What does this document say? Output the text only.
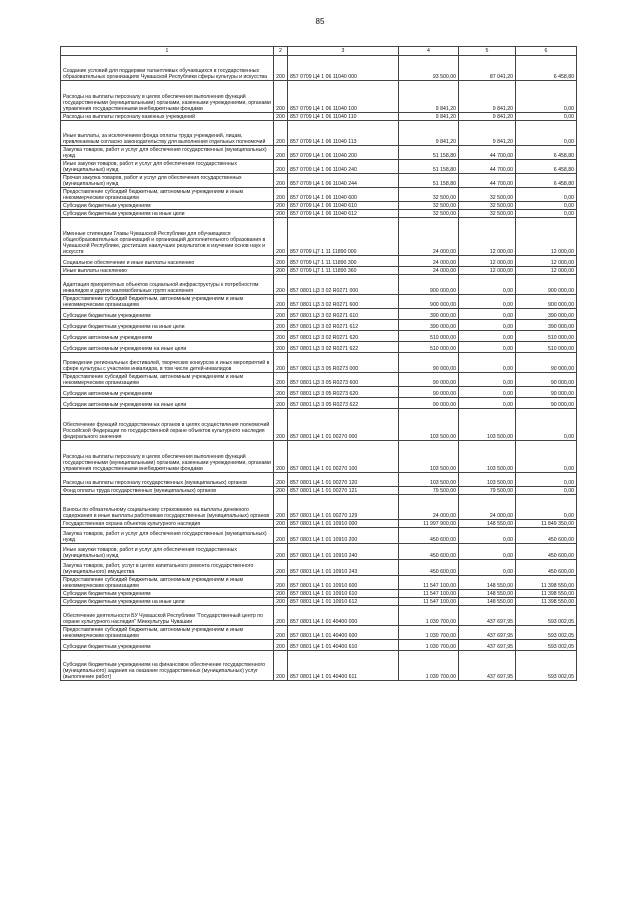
85
1	2	3	4	5	6
Создание условий для поддержки талантливых обучающихся в государственных образовательных организациях Чувашской Республики сферы культуры и искусства	200	857 0709 Ц4 1 06 11040 000	93 500,00	87 041,20	6 458,80
Расходы на выплаты персоналу в целях обеспечения выполнения функций государственными (муниципальными) органами, казенными учреждениями, органами управления государственными внебюджетными фондами	200	857 0709 Ц4 1 06 11040 100	9 841,20	9 841,20	0,00
Расходы на выплаты персоналу казенных учреждений	200	857 0709 Ц4 1 06 11040 110	9 841,20	9 841,20	0,00
Иные выплаты, за исключением фонда оплаты труда учреждений, лицам, привлекаемым согласно законодательству для выполнения отдельных полномочий	200	857 0709 Ц4 1 06 11040 113	9 841,20	9 841,20	0,00
Закупка товаров, работ и услуг для обеспечения государственных (муниципальных) нужд	200	857 0709 Ц4 1 06 11040 200	51 158,80	44 700,00	6 458,80
Иные закупки товаров, работ и услуг для обеспечения государственных (муниципальных) нужд	200	857 0709 Ц4 1 06 11040 240	51 158,80	44 700,00	6 458,80
Прочая закупка товаров, работ и услуг для обеспечения государственных (муниципальных) нужд	200	857 0709 Ц4 1 06 11040 244	51 158,80	44 700,00	6 458,80
Предоставление субсидий бюджетным, автономным учреждениям и иным некоммерческим организациям	200	857 0709 Ц4 1 06 11040 600	32 500,00	32 500,00	0,00
Субсидии бюджетным учреждениям	200	857 0709 Ц4 1 06 11040 610	32 500,00	32 500,00	0,00
Субсидии бюджетным учреждениям на иные цели	200	857 0709 Ц4 1 06 11040 612	32 500,00	32 500,00	0,00
Именные стипендии Главы Чувашской Республики для обучающихся общеобразовательных организаций и организаций дополнительного образования в Чувашской Республике, достигших наилучших результатов в изучении основ наук и искусств	200	857 0709 Ц7 1 11 11890 000	24 000,00	12 000,00	12 000,00
Социальное обеспечение и иные выплаты населению	200	857 0709 Ц7 1 11 11890 300	24 000,00	12 000,00	12 000,00
Иные выплаты населению	200	857 0709 Ц7 1 11 11890 360	24 000,00	12 000,00	12 000,00
Адаптация приоритетных объектов социальной инфраструктуры к потребностям инвалидов и других маломобильных групп населения	200	857 0801 Ц3 3 02 R0271 000	900 000,00	0,00	900 000,00
Предоставление субсидий бюджетным, автономным учреждениям и иным некоммерческим организациям	200	857 0801 Ц3 3 02 R0271 600	900 000,00	0,00	900 000,00
Субсидии бюджетным учреждениям	200	857 0801 Ц3 3 02 R0271 610	390 000,00	0,00	390 000,00
Субсидии бюджетным учреждениям на иные цели	200	857 0801 Ц3 3 02 R0271 612	390 000,00	0,00	390 000,00
Субсидии автономным учреждениям	200	857 0801 Ц3 3 02 R0271 620	510 000,00	0,00	510 000,00
Субсидии автономным учреждениям на иные цели	200	857 0801 Ц3 3 02 R0271 622	510 000,00	0,00	510 000,00
Проведение региональных фестивалей, творческих конкурсов и иных мероприятий в сфере культуры с участием инвалидов, в том числе детей-инвалидов	200	857 0801 Ц3 3 05 R0273 000	90 000,00	0,00	90 000,00
Предоставление субсидий бюджетным, автономным учреждениям и иным некоммерческим организациям	200	857 0801 Ц3 3 05 R0273 600	90 000,00	0,00	90 000,00
Субсидии автономным учреждениям	200	857 0801 Ц3 3 05 R0273 620	90 000,00	0,00	90 000,00
Субсидии автономным учреждениям на иные цели	200	857 0801 Ц3 3 05 R0273 622	90 000,00	0,00	90 000,00
Обеспечение функций государственных органов в целях осуществления полномочий Российской Федерации по государственной охране объектов культурного наследия федерального значения	200	857 0801 Ц4 1 01 00270 000	103 500,00	103 500,00	0,00
Расходы на выплаты персоналу в целях обеспечения выполнения функций государственными (муниципальными) органами, казенными учреждениями, органами управления государственными внебюджетными фондами	200	857 0801 Ц4 1 01 00270 100	103 500,00	103 500,00	0,00
Расходы на выплаты персоналу государственных (муниципальных) органов	200	857 0801 Ц4 1 01 00270 120	103 500,00	103 500,00	0,00
Фонд оплаты труда государственных (муниципальных) органов	200	857 0801 Ц4 1 01 00270 121	79 500,00	79 500,00	0,00
Взносы по обязательному социальному страхованию на выплаты денежного содержания и иные выплаты работникам государственных (муниципальных) органов	200	857 0801 Ц4 1 01 00270 129	24 000,00	24 000,00	0,00
Государственная охрана объектов культурного наследия	200	857 0801 Ц4 1 01 10910 000	11 997 900,00	148 550,00	11 849 350,00
Закупка товаров, работ и услуг для обеспечения государственных (муниципальных) нужд	200	857 0801 Ц4 1 01 10910 200	450 600,00	0,00	450 600,00
Иные закупки товаров, работ и услуг для обеспечения государственных (муниципальных) нужд	200	857 0801 Ц4 1 01 10910 240	450 600,00	0,00	450 600,00
Закупка товаров, работ, услуг в целях капитального ремонта государственного (муниципального) имущества	200	857 0801 Ц4 1 01 10910 243	450 600,00	0,00	450 600,00
Предоставление субсидий бюджетным, автономным учреждениям и иным некоммерческим организациям	200	857 0801 Ц4 1 01 10910 600	11 547 100,00	148 550,00	11 398 550,00
Субсидии бюджетным учреждениям	200	857 0801 Ц4 1 01 10910 610	11 547 100,00	148 550,00	11 398 550,00
Субсидии бюджетным учреждениям на иные цели	200	857 0801 Ц4 1 01 10910 612	11 547 100,00	148 550,00	11 398 550,00
Обеспечение деятельности БУ Чувашской Республики "Государственный центр по охране культурного наследия" Минкультуры Чувашии	200	857 0801 Ц4 1 01 40400 000	1 030 700,00	437 697,95	593 002,05
Предоставление субсидий бюджетным, автономным учреждениям и иным некоммерческим организациям	200	857 0801 Ц4 1 01 40400 600	1 030 700,00	437 697,95	593 002,05
Субсидии бюджетным учреждениям	200	857 0801 Ц4 1 01 40400 610	1 030 700,00	437 697,95	593 002,05
Субсидии бюджетным учреждениям на финансовое обеспечение государственного (муниципального) задания на оказание государственных (муниципальных) услуг (выполнение работ)	200	857 0801 Ц4 1 01 40400 611	1 030 700,00	437 697,95	593 002,05
